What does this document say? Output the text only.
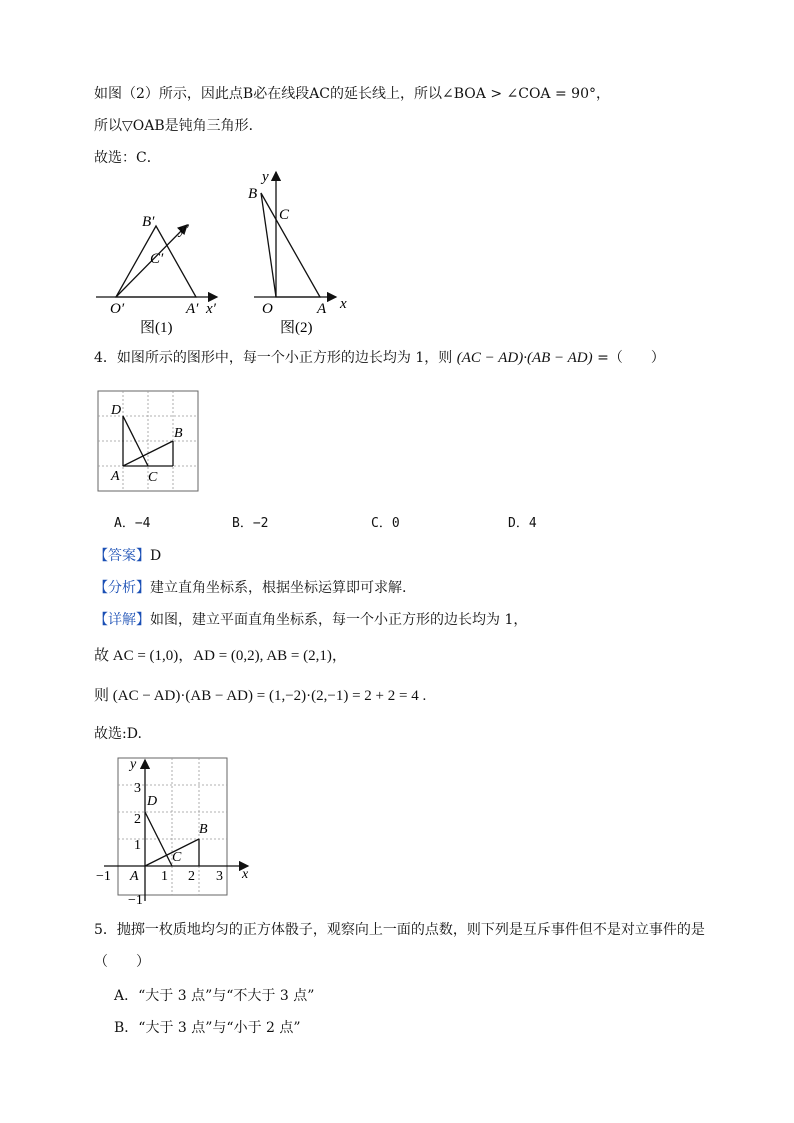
如图（2）所示，因此点B必在线段AC的延长线上，所以∠BOA > ∠COA = 90°，
所以▽OAB是钝角三角形．
故选：C．
B′ y′
C′
O′	A′ x′
图(1)
y
B
C
O	A x
图(2)
4．如图所示的图形中，每一个小正方形的边长均为 1，则 (AC − AD)·(AB − AD) =（　　）
D
B
A C
A．−4	B．−2	C．0	D．4
【答案】D
【分析】建立直角坐标系，根据坐标运算即可求解.
【详解】如图，建立平面直角坐标系，每一个小正方形的边长均为 1，
故 AC = (1,0)，AD = (0,2), AB = (2,1)，
则 (AC − AD)·(AB − AD) = (1,−2)·(2,−1) = 2 + 2 = 4 .
故选:D.
y
3
D
2
B
1
C
−1 A 1 2 3 x
−1
5．抛掷一枚质地均匀的正方体骰子，观察向上一面的点数，则下列是互斥事件但不是对立事件的是
（　　）
A．“大于 3 点”与“不大于 3 点”
B．“大于 3 点”与“小于 2 点”
